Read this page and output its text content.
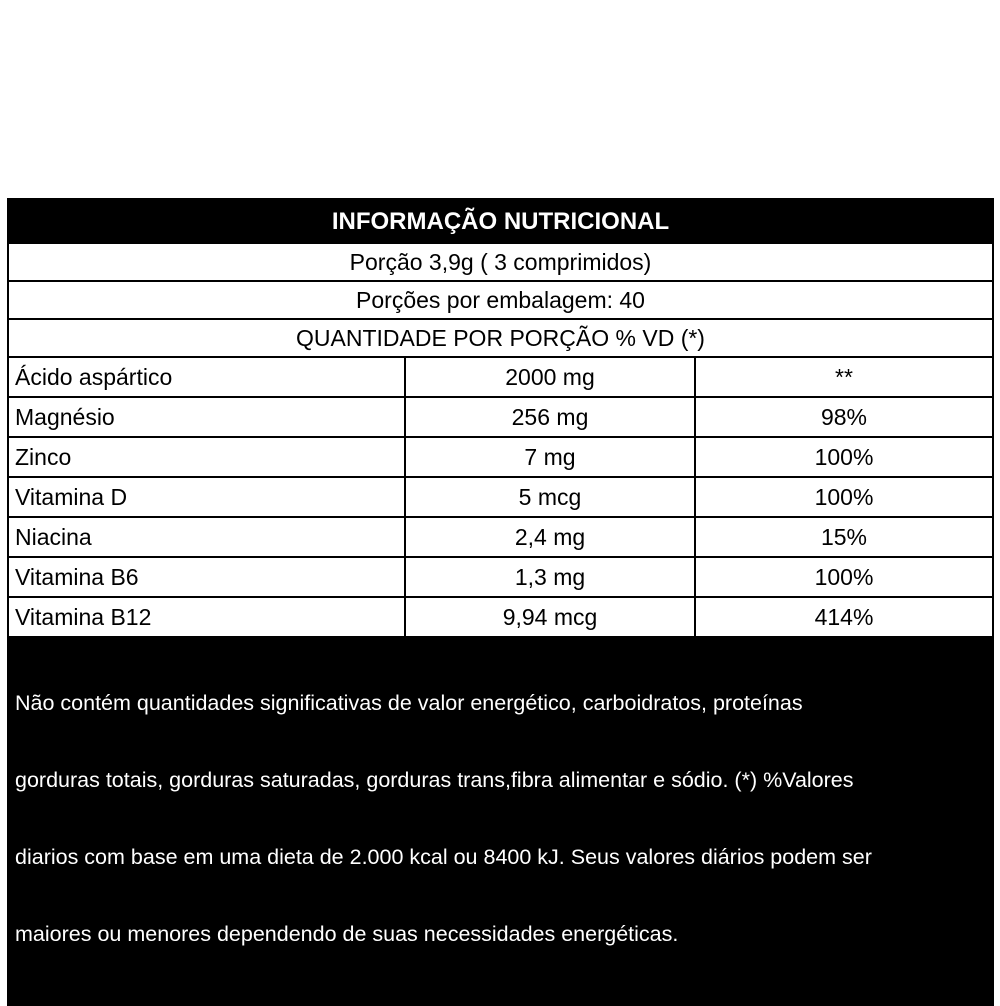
INFORMAÇÃO NUTRICIONAL
Porção 3,9g ( 3 comprimidos)
Porções por embalagem: 40
QUANTIDADE POR PORÇÃO % VD (*)
Ácido aspártico	2000 mg	**
Magnésio	256 mg	98%
Zinco	7 mg	100%
Vitamina D	5 mcg	100%
Niacina	2,4 mg	15%
Vitamina B6	1,3 mg	100%
Vitamina B12	9,94 mcg	414%

Não contém quantidades significativas de valor energético, carboidratos, proteínas

gorduras totais, gorduras saturadas, gorduras trans,fibra alimentar e sódio. (*) %Valores

diarios com base em uma dieta de 2.000 kcal ou 8400 kJ. Seus valores diários podem ser

maiores ou menores dependendo de suas necessidades energéticas.
